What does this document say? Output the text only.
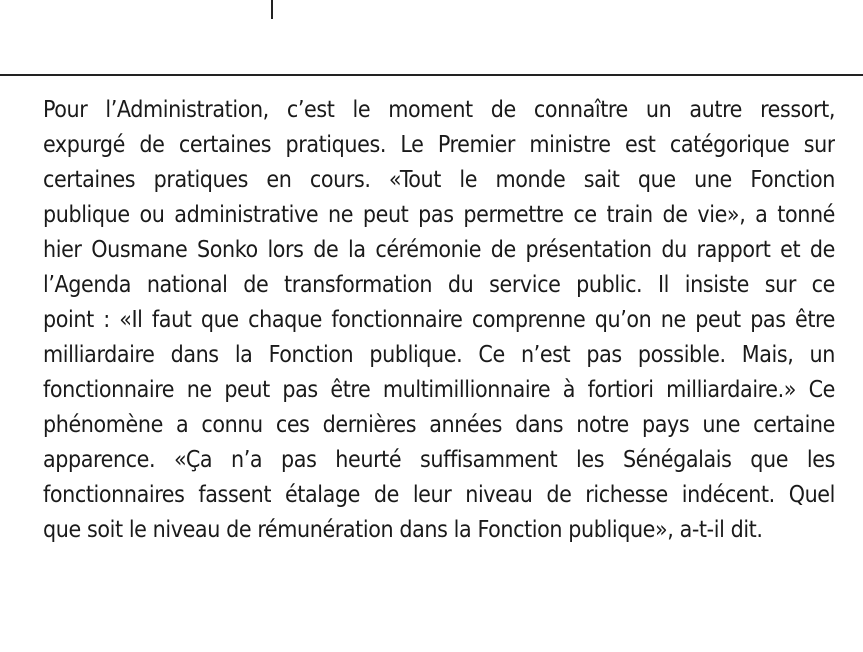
Pour l’Administration, c’est le moment de connaître un autre ressort,
expurgé de certaines pratiques. Le Premier ministre est catégorique sur
certaines pratiques en cours. «Tout le monde sait que une Fonction
publique ou administrative ne peut pas permettre ce train de vie», a tonné
hier Ousmane Sonko lors de la cérémonie de présentation du rapport et de
l’Agenda national de transformation du service public. Il insiste sur ce
point : «Il faut que chaque fonctionnaire comprenne qu’on ne peut pas être
milliardaire dans la Fonction publique. Ce n’est pas possible. Mais, un
fonctionnaire ne peut pas être multimillionnaire à fortiori milliardaire.» Ce
phénomène a connu ces dernières années dans notre pays une certaine
apparence. «Ça n’a pas heurté suffisamment les Sénégalais que les
fonctionnaires fassent étalage de leur niveau de richesse indécent. Quel
que soit le niveau de rémunération dans la Fonction publique», a-t-il dit.
